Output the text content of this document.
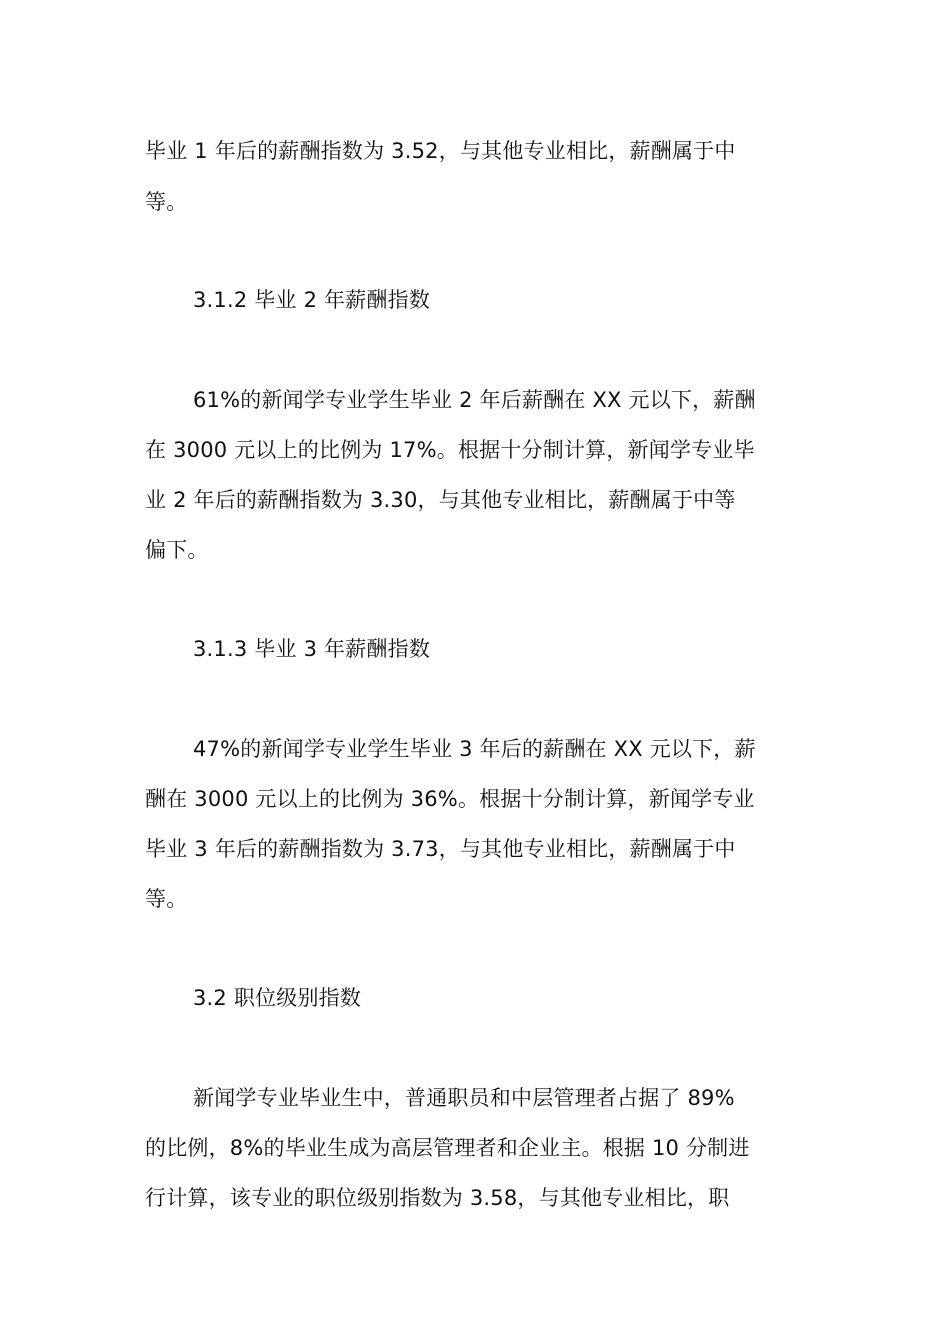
毕业 1 年后的薪酬指数为 3.52，与其他专业相比，薪酬属于中
等。
3.1.2 毕业 2 年薪酬指数
61%的新闻学专业学生毕业 2 年后薪酬在 XX 元以下，薪酬
在 3000 元以上的比例为 17%。根据十分制计算，新闻学专业毕
业 2 年后的薪酬指数为 3.30，与其他专业相比，薪酬属于中等
偏下。
3.1.3 毕业 3 年薪酬指数
47%的新闻学专业学生毕业 3 年后的薪酬在 XX 元以下，薪
酬在 3000 元以上的比例为 36%。根据十分制计算，新闻学专业
毕业 3 年后的薪酬指数为 3.73，与其他专业相比，薪酬属于中
等。
3.2 职位级别指数
新闻学专业毕业生中，普通职员和中层管理者占据了 89%
的比例，8%的毕业生成为高层管理者和企业主。根据 10 分制进
行计算，该专业的职位级别指数为 3.58，与其他专业相比，职
